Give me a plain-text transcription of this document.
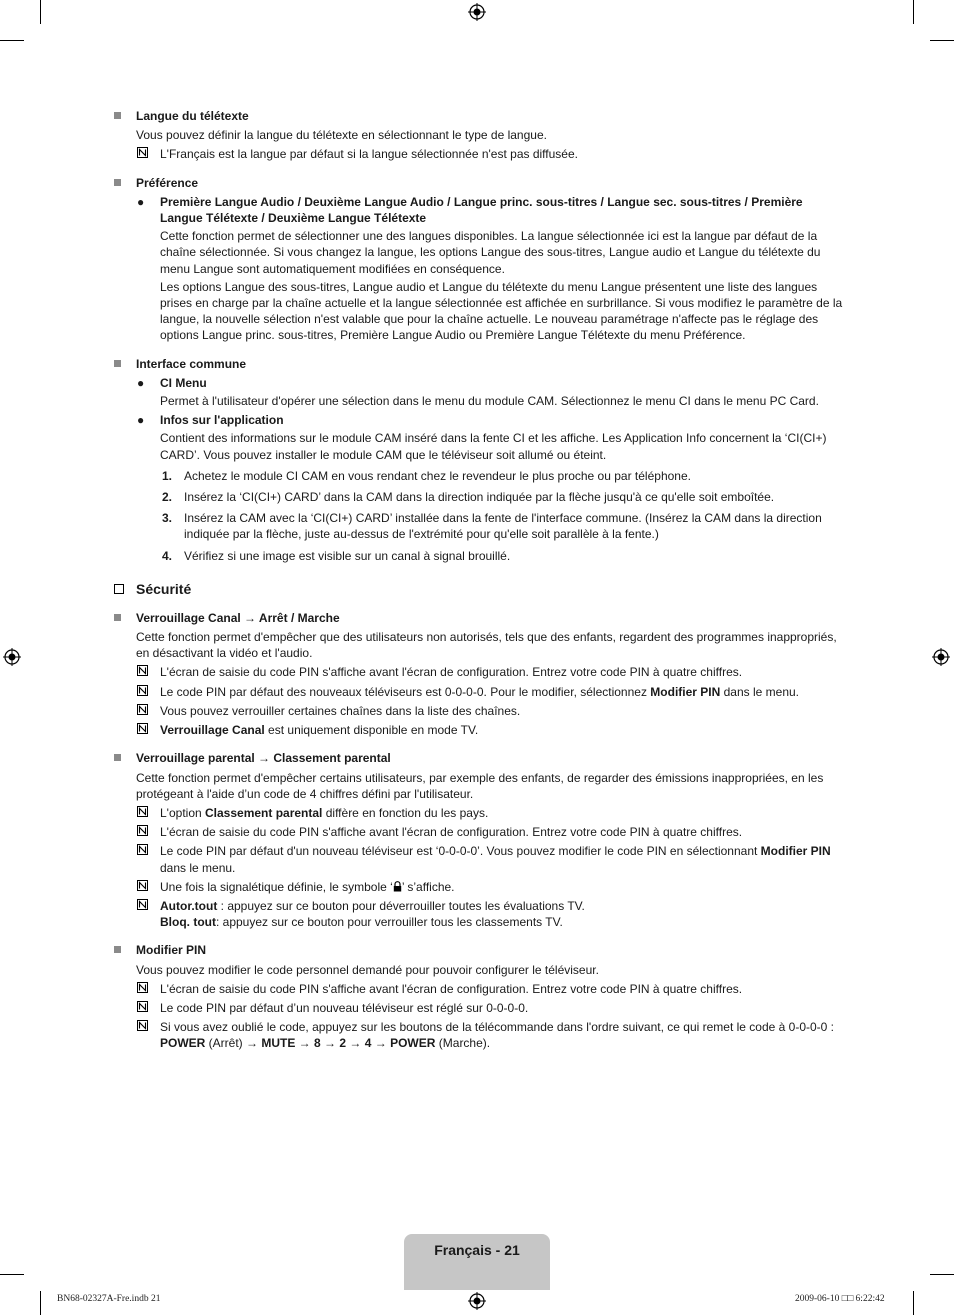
Langue du télétexte
Vous pouvez définir la langue du télétexte en sélectionnant le type de langue.
L'Français est la langue par défaut si la langue sélectionnée n'est pas diffusée.
Préférence
● Première Langue Audio / Deuxième Langue Audio / Langue princ. sous-titres / Langue sec. sous-titres / Première Langue Télétexte / Deuxième Langue Télétexte
Cette fonction permet de sélectionner une des langues disponibles. La langue sélectionnée ici est la langue par défaut de la chaîne sélectionnée. Si vous changez la langue, les options Langue des sous-titres, Langue audio et Langue du télétexte du menu Langue sont automatiquement modifiées en conséquence.
Les options Langue des sous-titres, Langue audio et Langue du télétexte du menu Langue présentent une liste des langues prises en charge par la chaîne actuelle et la langue sélectionnée est affichée en surbrillance. Si vous modifiez le paramètre de la langue, la nouvelle sélection n'est valable que pour la chaîne actuelle. Le nouveau paramétrage n'affecte pas le réglage des options Langue princ. sous-titres, Première Langue Audio ou Première Langue Télétexte du menu Préférence.
Interface commune
● CI Menu
Permet à l'utilisateur d'opérer une sélection dans le menu du module CAM. Sélectionnez le menu CI dans le menu PC Card.
● Infos sur l'application
Contient des informations sur le module CAM inséré dans la fente CI et les affiche. Les Application Info concernent la ‘CI(CI+) CARD’. Vous pouvez installer le module CAM que le téléviseur soit allumé ou éteint.
1. Achetez le module CI CAM en vous rendant chez le revendeur le plus proche ou par téléphone.
2. Insérez la ‘CI(CI+) CARD’ dans la CAM dans la direction indiquée par la flèche jusqu'à ce qu'elle soit emboîtée.
3. Insérez la CAM avec la ‘CI(CI+) CARD’ installée dans la fente de l'interface commune. (Insérez la CAM dans la direction indiquée par la flèche, juste au-dessus de l'extrémité pour qu'elle soit parallèle à la fente.)
4. Vérifiez si une image est visible sur un canal à signal brouillé.
Sécurité
Verrouillage Canal → Arrêt / Marche
Cette fonction permet d'empêcher que des utilisateurs non autorisés, tels que des enfants, regardent des programmes inappropriés, en désactivant la vidéo et l'audio.
L'écran de saisie du code PIN s'affiche avant l'écran de configuration. Entrez votre code PIN à quatre chiffres.
Le code PIN par défaut des nouveaux téléviseurs est 0-0-0-0. Pour le modifier, sélectionnez Modifier PIN dans le menu.
Vous pouvez verrouiller certaines chaînes dans la liste des chaînes.
Verrouillage Canal est uniquement disponible en mode TV.
Verrouillage parental → Classement parental
Cette fonction permet d'empêcher certains utilisateurs, par exemple des enfants, de regarder des émissions inappropriées, en les protégeant à l'aide d’un code de 4 chiffres défini par l'utilisateur.
L'option Classement parental diffère en fonction du les pays.
L'écran de saisie du code PIN s'affiche avant l'écran de configuration. Entrez votre code PIN à quatre chiffres.
Le code PIN par défaut d'un nouveau téléviseur est ‘0-0-0-0’. Vous pouvez modifier le code PIN en sélectionnant Modifier PIN dans le menu.
Une fois la signalétique définie, le symbole ‘ ’ s’affiche.
Autor.tout : appuyez sur ce bouton pour déverrouiller toutes les évaluations TV.
Bloq. tout: appuyez sur ce bouton pour verrouiller tous les classements TV.
Modifier PIN
Vous pouvez modifier le code personnel demandé pour pouvoir configurer le téléviseur.
L'écran de saisie du code PIN s'affiche avant l'écran de configuration. Entrez votre code PIN à quatre chiffres.
Le code PIN par défaut d’un nouveau téléviseur est réglé sur 0-0-0-0.
Si vous avez oublié le code, appuyez sur les boutons de la télécommande dans l'ordre suivant, ce qui remet le code à 0-0-0-0 : POWER (Arrêt) → MUTE → 8 → 2 → 4 → POWER (Marche).
Français - 21
BN68-02327A-Fre.indb 21	2009-06-10 □□ 6:22:42
